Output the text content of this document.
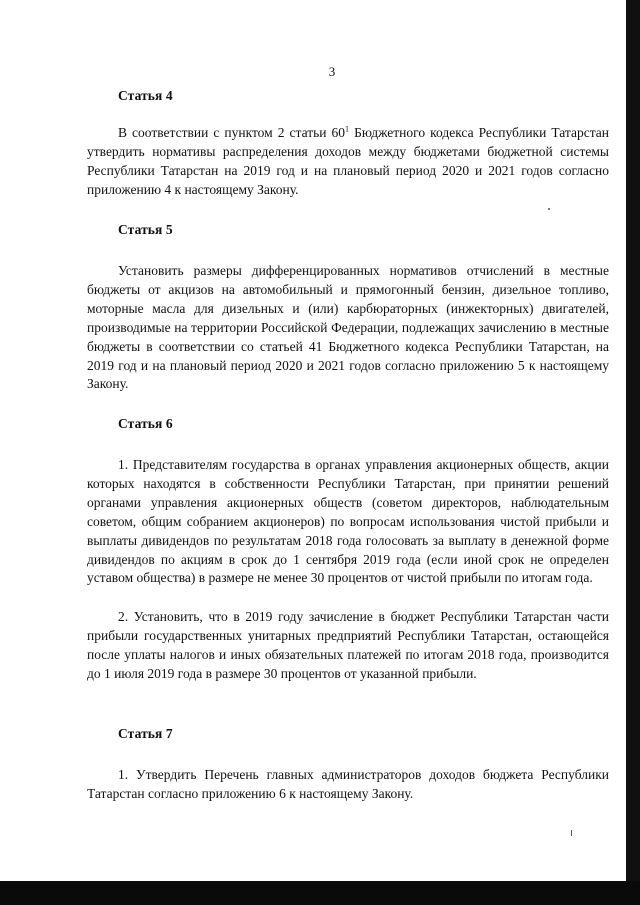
3
Статья 4

В соответствии с пунктом 2 статьи $60^1$ Бюджетного кодекса Республики Татарстан утвердить нормативы распределения доходов между бюджетами бюджетной системы Республики Татарстан на 2019 год и на плановый период 2020 и 2021 годов согласно приложению 4 к настоящему Закону.

Статья 5

Установить размеры дифференцированных нормативов отчислений в местные бюджеты от акцизов на автомобильный и прямогонный бензин, дизельное топливо, моторные масла для дизельных и (или) карбюраторных (инжекторных) двигателей, производимые на территории Российской Федерации, подлежащих зачислению в местные бюджеты в соответствии со статьей 41 Бюджетного кодекса Республики Татарстан, на 2019 год и на плановый период 2020 и 2021 годов согласно приложению 5 к настоящему Закону.

Статья 6

1. Представителям государства в органах управления акционерных обществ, акции которых находятся в собственности Республики Татарстан, при принятии решений органами управления акционерных обществ (советом директоров, наблюдательным советом, общим собранием акционеров) по вопросам использования чистой прибыли и выплаты дивидендов по результатам 2018 года голосовать за выплату в денежной форме дивидендов по акциям в срок до 1 сентября 2019 года (если иной срок не определен уставом общества) в размере не менее 30 процентов от чистой прибыли по итогам года.

2. Установить, что в 2019 году зачисление в бюджет Республики Татарстан части прибыли государственных унитарных предприятий Республики Татарстан, остающейся после уплаты налогов и иных обязательных платежей по итогам 2018 года, производится до 1 июля 2019 года в размере 30 процентов от указанной прибыли.

Статья 7

1. Утвердить Перечень главных администраторов доходов бюджета Республики Татарстан согласно приложению 6 к настоящему Закону.
